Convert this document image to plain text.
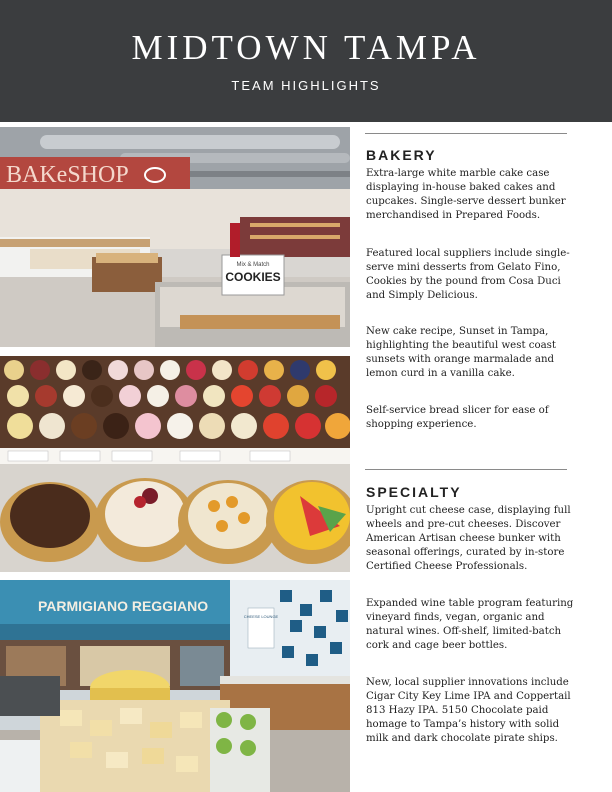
MIDTOWN TAMPA
TEAM HIGHLIGHTS
BAKeSHOP
Mix & Match
COOKIES
PARMIGIANO REGGIANO
CHEESE LOUNGE
BAKERY

Extra-large white marble cake case displaying in-house baked cakes and cupcakes. Single-serve dessert bunker merchandised in Prepared Foods.

Featured local suppliers include single-serve mini desserts from Gelato Fino, Cookies by the pound from Cosa Duci and Simply Delicious.

New cake recipe, Sunset in Tampa, highlighting the beautiful west coast sunsets with orange marmalade and lemon curd in a vanilla cake.

Self-service bread slicer for ease of shopping experience.

SPECIALTY

Upright cut cheese case, displaying full wheels and pre-cut cheeses. Discover American Artisan cheese bunker with seasonal offerings, curated by in-store Certified Cheese Professionals.

Expanded wine table program featuring vineyard finds, vegan, organic and natural wines. Off-shelf, limited-batch cork and cage beer bottles.

New, local supplier innovations include Cigar City Key Lime IPA and Coppertail 813 Hazy IPA. 5150 Chocolate paid homage to Tampa’s history with solid milk and dark chocolate pirate ships.
